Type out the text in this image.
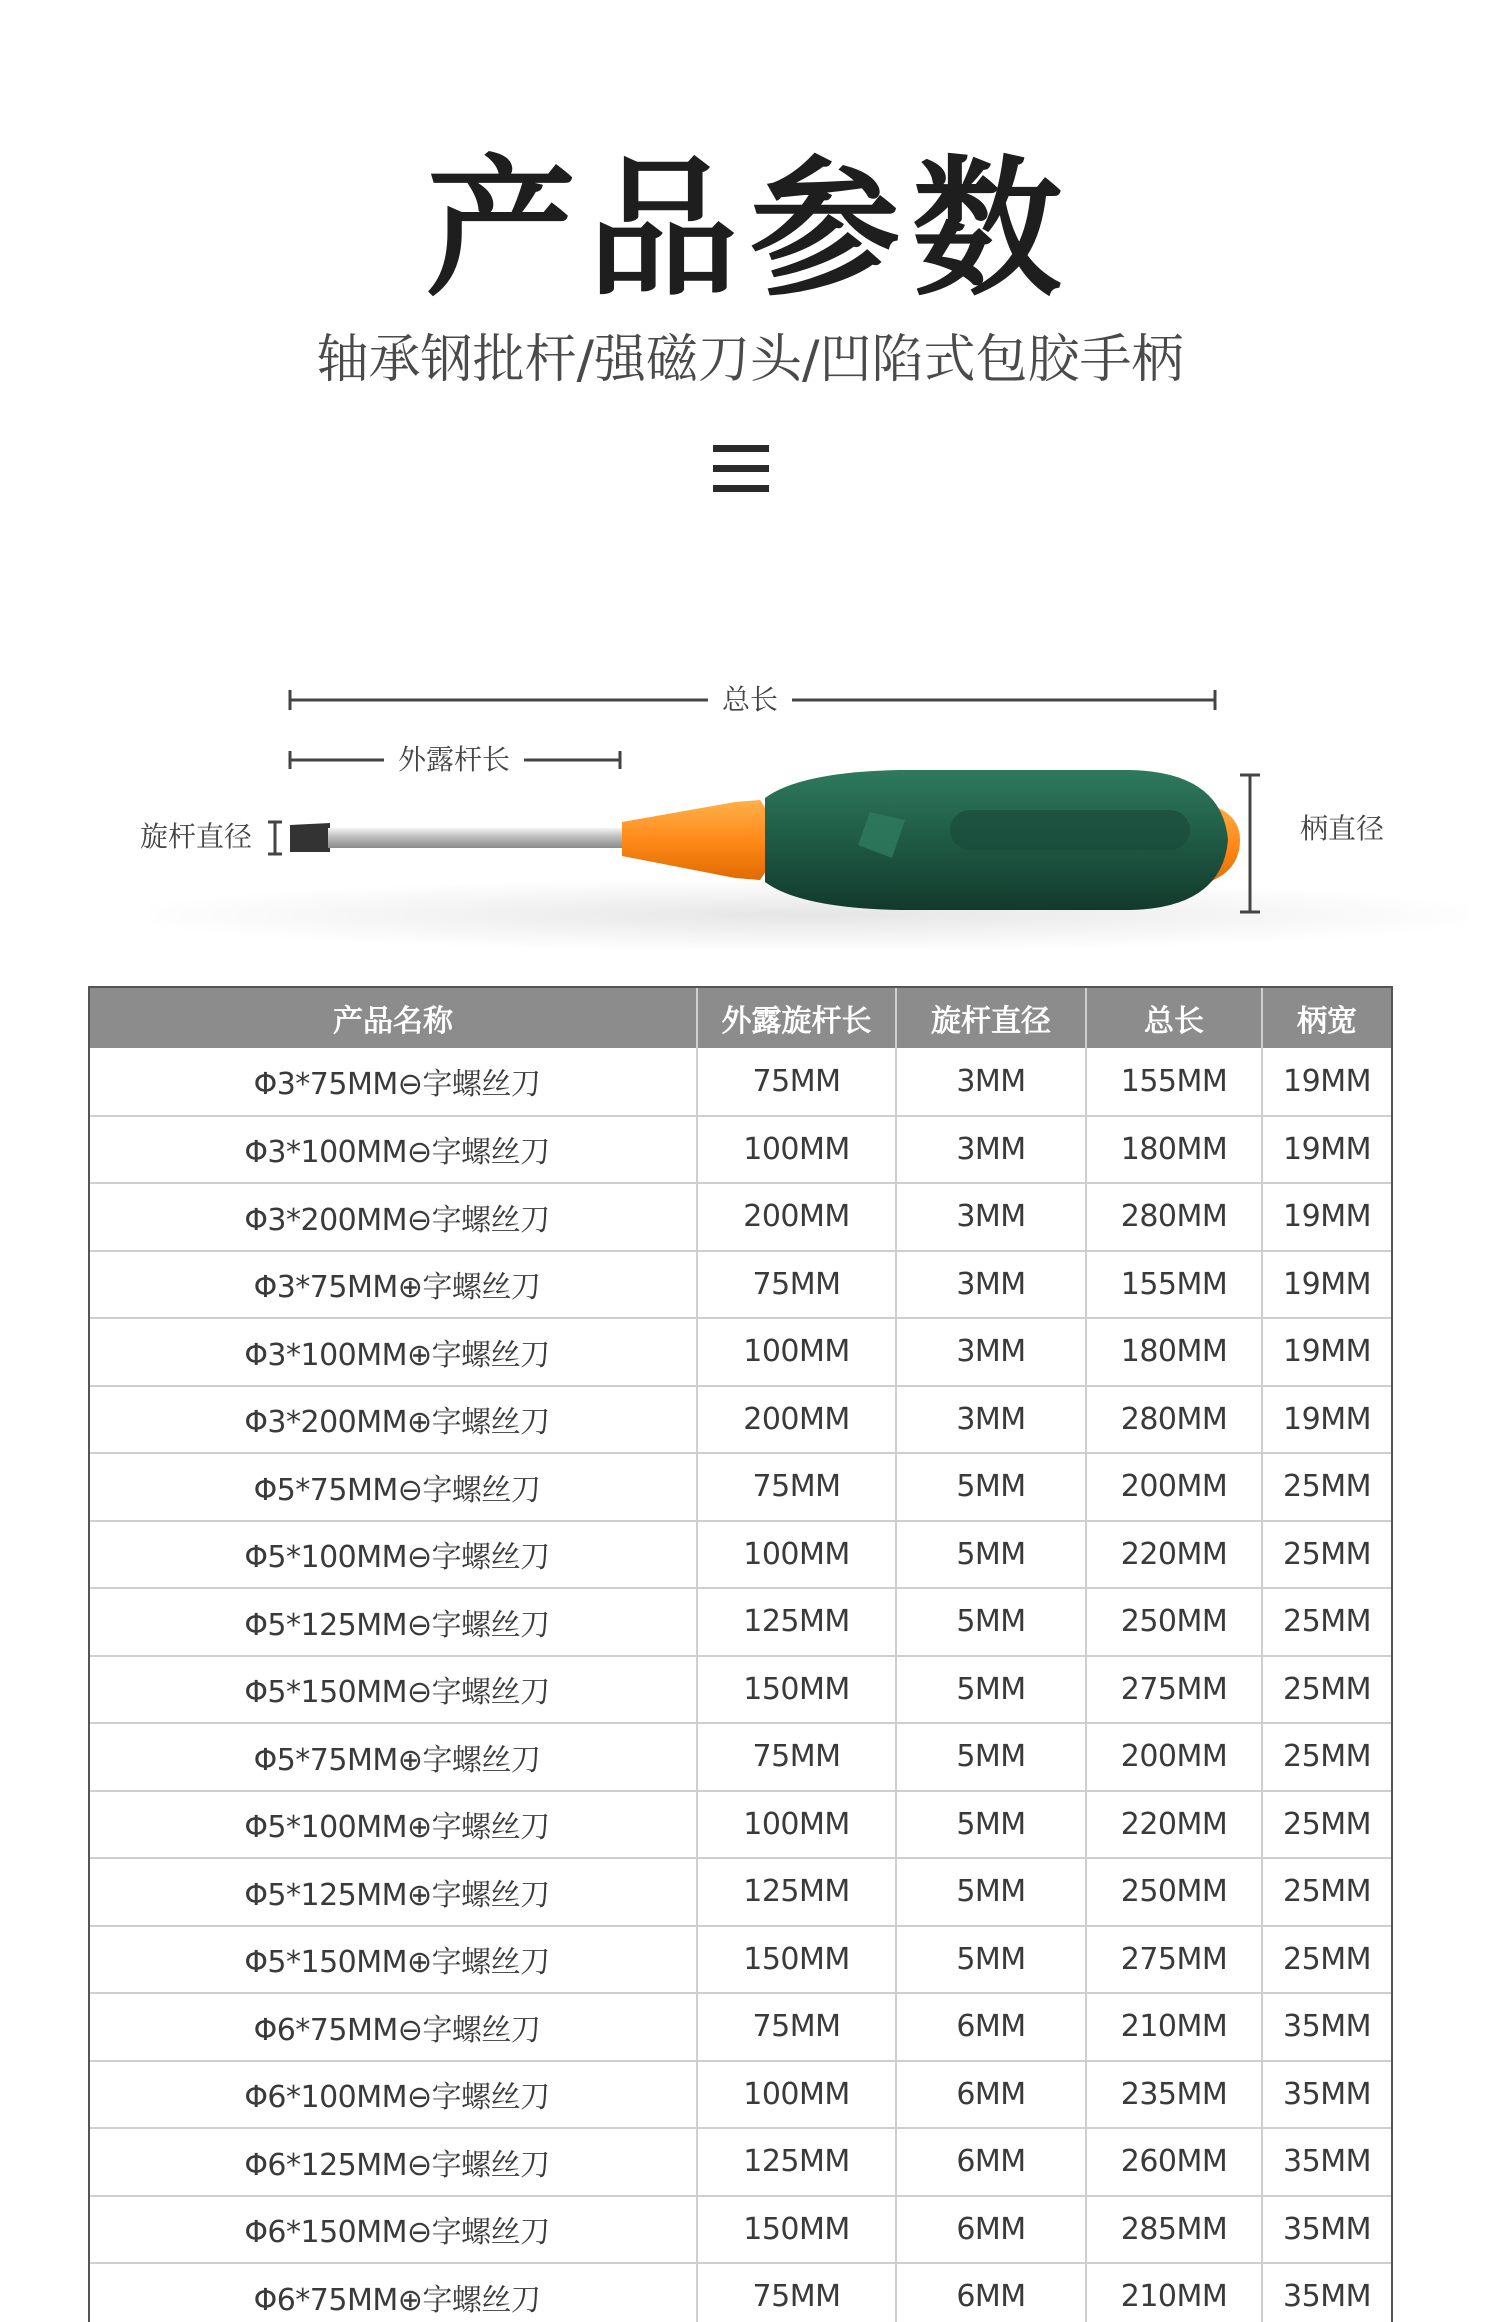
产品参数
轴承钢批杆/强磁刀头/凹陷式包胶手柄
总长
外露杆长
旋杆直径	柄直径
产品名称	外露旋杆长	旋杆直径	总长	柄宽
Φ3*75MM⊖字螺丝刀	75MM	3MM	155MM	19MM
Φ3*100MM⊖字螺丝刀	100MM	3MM	180MM	19MM
Φ3*200MM⊖字螺丝刀	200MM	3MM	280MM	19MM
Φ3*75MM⊕字螺丝刀	75MM	3MM	155MM	19MM
Φ3*100MM⊕字螺丝刀	100MM	3MM	180MM	19MM
Φ3*200MM⊕字螺丝刀	200MM	3MM	280MM	19MM
Φ5*75MM⊖字螺丝刀	75MM	5MM	200MM	25MM
Φ5*100MM⊖字螺丝刀	100MM	5MM	220MM	25MM
Φ5*125MM⊖字螺丝刀	125MM	5MM	250MM	25MM
Φ5*150MM⊖字螺丝刀	150MM	5MM	275MM	25MM
Φ5*75MM⊕字螺丝刀	75MM	5MM	200MM	25MM
Φ5*100MM⊕字螺丝刀	100MM	5MM	220MM	25MM
Φ5*125MM⊕字螺丝刀	125MM	5MM	250MM	25MM
Φ5*150MM⊕字螺丝刀	150MM	5MM	275MM	25MM
Φ6*75MM⊖字螺丝刀	75MM	6MM	210MM	35MM
Φ6*100MM⊖字螺丝刀	100MM	6MM	235MM	35MM
Φ6*125MM⊖字螺丝刀	125MM	6MM	260MM	35MM
Φ6*150MM⊖字螺丝刀	150MM	6MM	285MM	35MM
Φ6*75MM⊕字螺丝刀	75MM	6MM	210MM	35MM
